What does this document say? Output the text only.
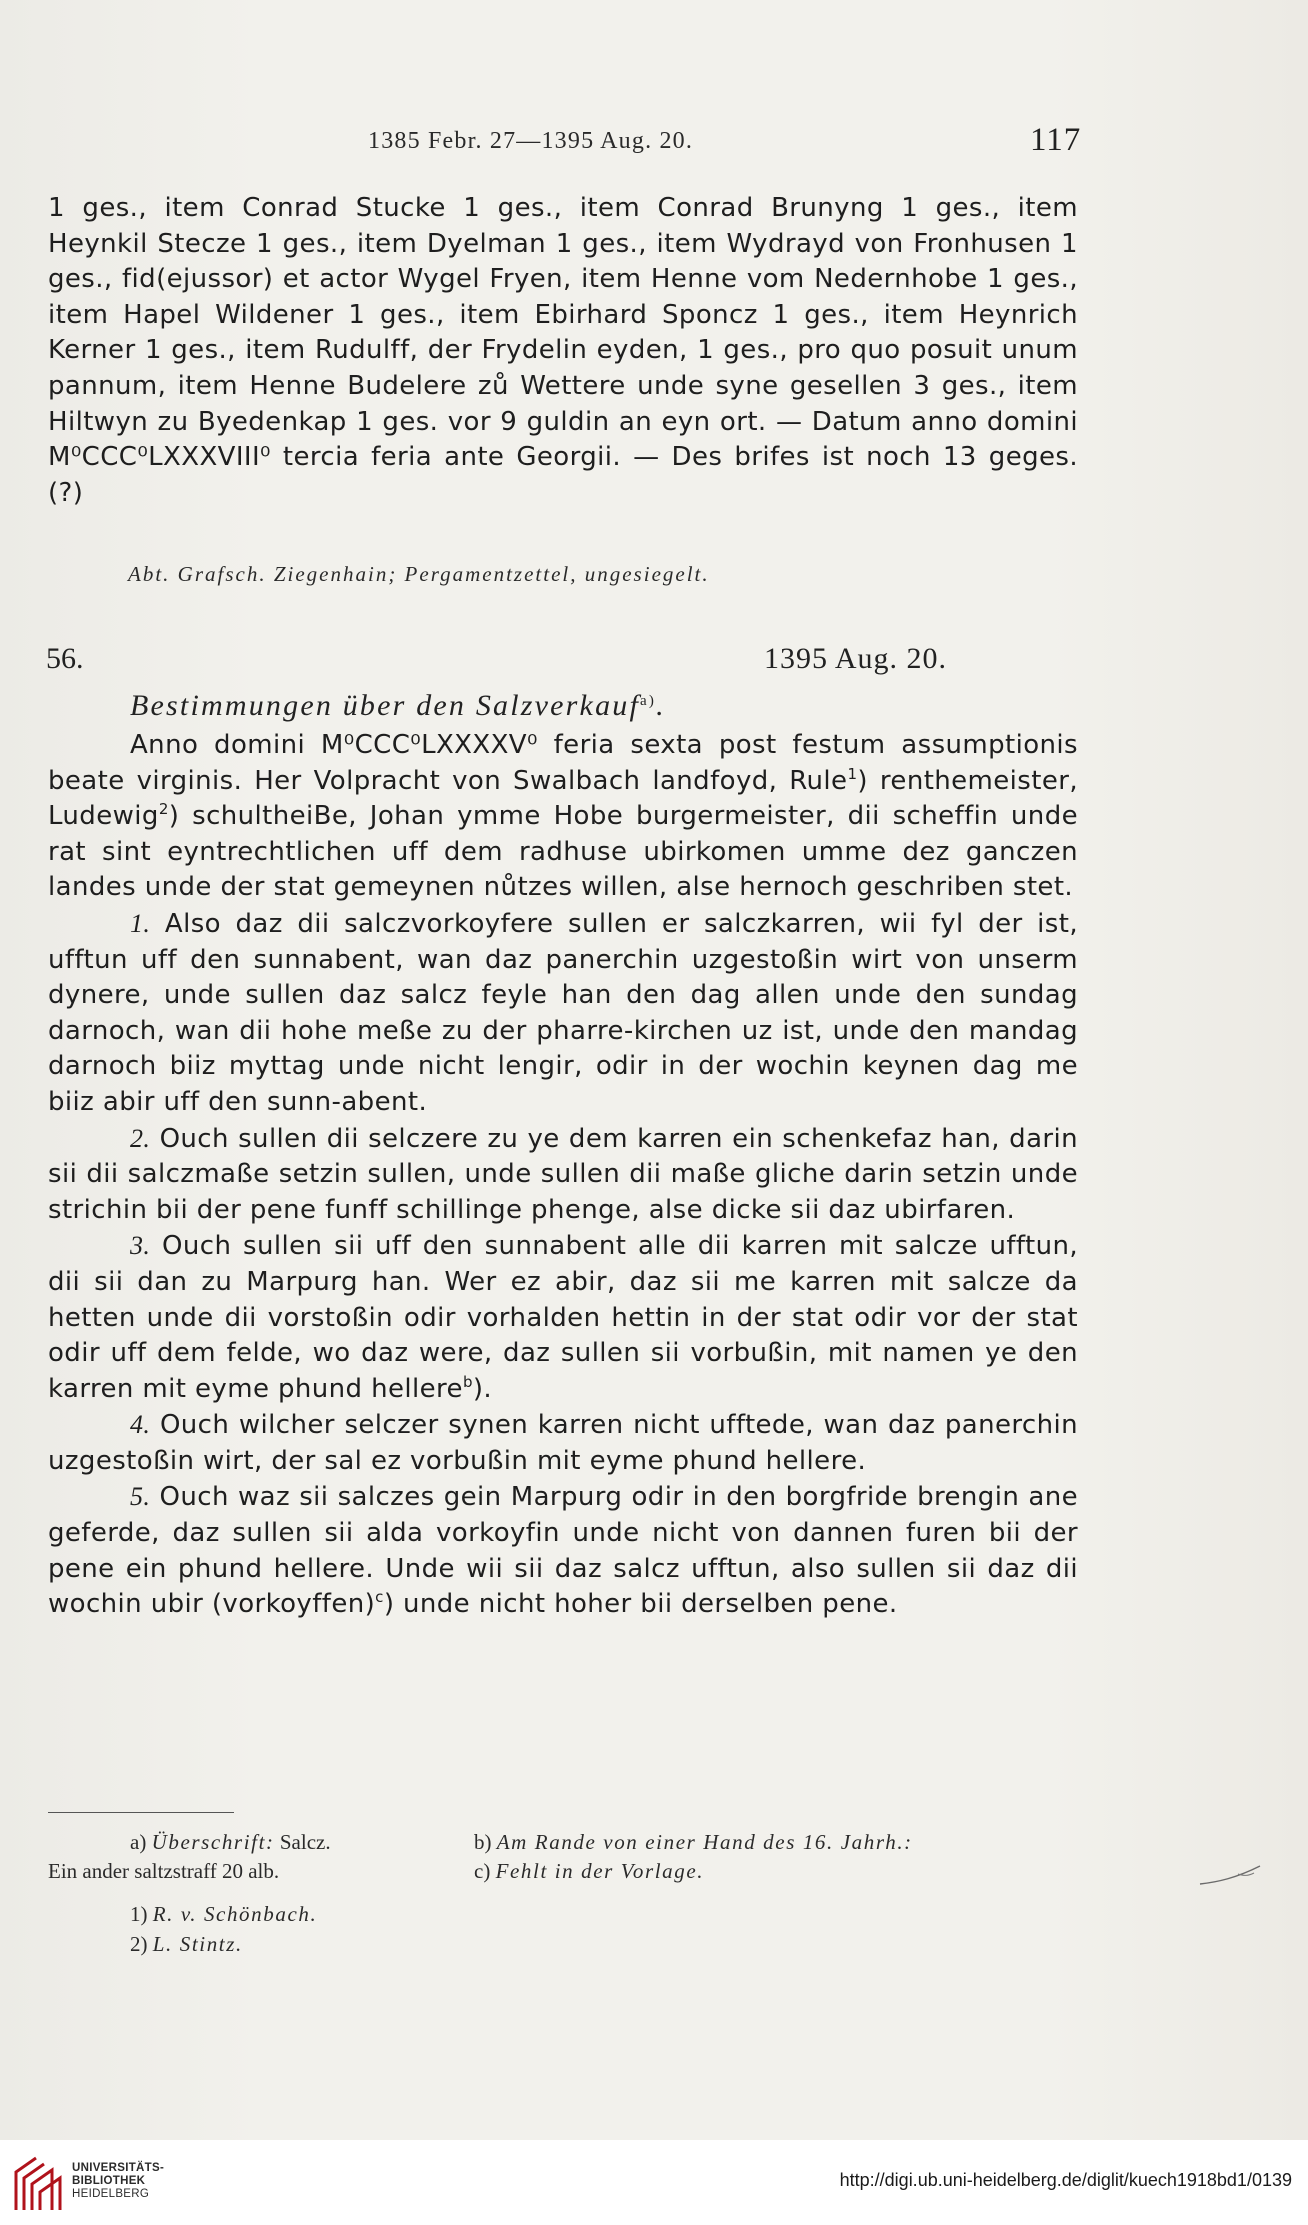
1385 Febr. 27—1395 Aug. 20.	117

1 ges., item Conrad Stucke 1 ges., item Conrad Brunyng 1 ges., item Heynkil Stecze 1 ges., item Dyelman 1 ges., item Wydrayd von Fronhusen 1 ges., fid(ejussor) et actor Wygel Fryen, item Henne vom Nedernhobe 1 ges., item Hapel Wildener 1 ges., item Ebirhard Sponcz 1 ges., item Heynrich Kerner 1 ges., item Rudulff, der Frydelin eyden, 1 ges., pro quo posuit unum pannum, item Henne Budelere zů Wettere unde syne gesellen 3 ges., item Hiltwyn zu Byedenkap 1 ges. vor 9 guldin an eyn ort. — Datum anno domini M⁰CCC⁰LXXXVIII⁰ tercia feria ante Georgii. — Des brifes ist noch 13 geges. (?)

Abt. Grafsch. Ziegenhain; Pergamentzettel, ungesiegelt.
56.	1395 Aug. 20.
Bestimmungen über den Salzverkauf$^{a)}$.

Anno domini M⁰CCC⁰LXXXXV⁰ feria sexta post festum assumptionis beate virginis. Her Volpracht von Swalbach landfoyd, Rule$^1$) renthemeister, Ludewig$^2$) schultheiBe, Johan ymme Hobe burgermeister, dii scheffin unde rat sint eyntrechtlichen uff dem radhuse ubirkomen umme dez ganczen landes unde der stat gemeynen nůtzes willen, alse hernoch geschriben stet.

1. Also daz dii salczvorkoyfere sullen er salczkarren, wii fyl der ist, ufftun uff den sunnabent, wan daz panerchin uzgestoßin wirt von unserm dynere, unde sullen daz salcz feyle han den dag allen unde den sundag darnoch, wan dii hohe meße zu der pharre-kirchen uz ist, unde den mandag darnoch biiz myttag unde nicht lengir, odir in der wochin keynen dag me biiz abir uff den sunn-abent.

2. Ouch sullen dii selczere zu ye dem karren ein schenkefaz han, darin sii dii salczmaße setzin sullen, unde sullen dii maße gliche darin setzin unde strichin bii der pene funff schillinge phenge, alse dicke sii daz ubirfaren.

3. Ouch sullen sii uff den sunnabent alle dii karren mit salcze ufftun, dii sii dan zu Marpurg han. Wer ez abir, daz sii me karren mit salcze da hetten unde dii vorstoßin odir vorhalden hettin in der stat odir vor der stat odir uff dem felde, wo daz were, daz sullen sii vorbußin, mit namen ye den karren mit eyme phund hellere$^b$).

4. Ouch wilcher selczer synen karren nicht ufftede, wan daz panerchin uzgestoßin wirt, der sal ez vorbußin mit eyme phund hellere.

5. Ouch waz sii salczes gein Marpurg odir in den borgfride brengin ane geferde, daz sullen sii alda vorkoyfin unde nicht von dannen furen bii der pene ein phund hellere. Unde wii sii daz salcz ufftun, also sullen sii daz dii wochin ubir (vorkoyffen)$^c$) unde nicht hoher bii derselben pene.

a) Überschrift: Salcz.	b) Am Rande von einer Hand des 16. Jahrh.:
Ein ander saltzstraff 20 alb.	c) Fehlt in der Vorlage.
1) R. v. Schönbach.
2) L. Stintz.
UNIVERSITÄTS-
BIBLIOTHEK
HEIDELBERG
http://digi.ub.uni-heidelberg.de/diglit/kuech1918bd1/0139
